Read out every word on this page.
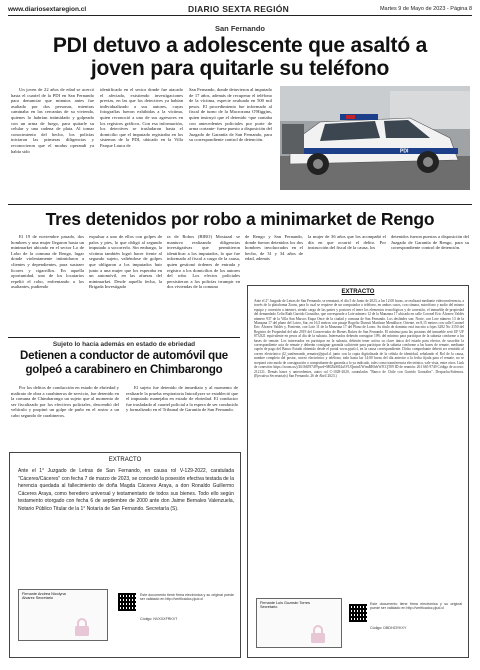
www.diariosextaregion.cl	DIARIO SEXTA REGIÓN	Martes 9 de Mayo de 2023 - Página 8
San Fernando
PDI detuvo a adolescente que asaltó a
joven para quitarle su teléfono

Un joven de 22 años de edad se acercó hasta el cuartel de la PDI en San Fernando para denunciar que minutos antes fue asaltado por dos personas, mientras caminaba en las cercanías de su vivienda, quienes lo habrían intimidado y golpeado con un arma de fuego, para quitarle su celular y una cadena de plata. Al tomar conocimiento del hecho, los policías iniciaron las primeras diligencias y reconocieron que el modus operandi ya había sido

identificado en el sector donde fue atacado el afectado, existiendo investigaciones previas, en las que los detectives ya habían individualizado a sus autores, cuyas fotografías fueron exhibidas a la víctima, quien reconoció a uno de sus agresores en los registros gráficos. Con esa información, los detectives se trasladaron hasta el domicilio que el imputado registraba en los sistemas de la PDI, ubicado en la Villa Parque Lauca de

San Fernando, donde detuvieron al imputado de 17 años, además de recuperar el teléfono de la víctima, especie avaluada en 500 mil pesos. El procedimiento fue informado al fiscal de turno de la Macrozona O'Higgins, quien instruyó que el detenido -que contaba con antecedentes policiales por porte de arma cortante- fuese puesto a disposición del Juzgado de Garantía de San Fernando, para su correspondiente control de detención.

PDI
Tres detenidos por robo a minimarket de Rengo

El 19 de noviembre pasado, dos hombres y una mujer llegaron hasta un minimarket ubicado en el sector Lo de Lobo de la comuna de Rengo, lugar donde violentamente intimidaron a clientes y dependientes, para sustraer licores y cigarrillos. En aquella oportunidad, uno de los locatarios repelió el robo, enfrentando a los asaltantes, pudiendo

expulsar a uno de ellos con golpes de palos y pies, lo que obligó al segundo imputado a socorrerlo. Sin embargo, la víctima también logró hacer frente al segundo sujeto, valiéndose de golpes que obligaron a los imputados huir junto a una mujer que los esperaba en un automóvil, en las afueras del minimarket. Desde aquella fecha, la Brigada Investigado

ra de Robos (BIRO) Mostazal se mantuvo realizando diligencias investigativas que permitieron identificar a los imputados, lo que fue informado al fiscal a cargo de la causa, quien gestionó órdenes de entrada y registro a los domicilios de los autores del robo. Los efectos policiales persistieron a los policías irrumpir en dos viviendas de la comuna

de Rengo y San Fernando, donde fueron detenidos los dos hombres involucrados en el hecho, de 31 y 34 años de edad, además

la mujer de 36 años que los acompañó el día en que ocurrió el delito. Por instrucción del fiscal de la causa, los

detenidos fueron puestos a disposición del Juzgado de Garantía de Rengo, para su correspondiente control de detención.

EXTRACTO
Ante el 2° Juzgado de Letras de San Fernando, se rematará, el día 5 de Junio de 2023, a las 12:00 horas, se realizará mediante videoconferencia, a través de la plataforma Zoom, para lo cual se requiere de un computador o teléfono, en ambos casos, con cámara, micrófono y audio del mismo equipo y conexión a internet, siendo carga de las partes y postores el tener los elementos tecnológicos y de conexión, el inmueble de propiedad del demandado Celia Ruth Garrido González, que corresponde a Lote número 12 de la Manzana 17 ubicado en calle Coronel Eric Álvarez Valdés número 937 de la Villa San Marcos Etapa Once de la ciudad y comuna de San Fernando. Los deslindes son: Norte, con Lote número 13 de la Manzana 17 del plano del Loteo, Sur, en 16,5 metros con pasaje Rogelio Durruti Martínez Mendiluce; Oriente, en 8,15 metros con calle Coronel Eric Álvarez Valdés y, Poniente, con Lote 11 de la Manzana 17 del Plano de Loteo. Su título de dominio está inscrito a fojas 3282 No 3150 del Registro de Propiedad del año 2019 del Conservador de Bienes Raíces de San Fernando. El mínimo para las posturas del inmueble será UF UF 873,821 equivalente en pesos al día de la subasta. Interesados deberán consignar 10% del mínimo para participar de la subasta conforme a las bases de remate. Los interesados en participar en la subasta, deberán tener activa su clave única del estado para efectos de suscribir la correspondiente acta de remate y deberán consignar garantía suficiente para participar de la subasta conforme a las bases de remate, mediante cupón de pago del Banco Estado obtenido desde el portal www.pjud.cl, en la causa correspondiente. Dicho comprobante deberá ser remitido al correo electrónico jl2_sanfernando_remates@pjud.cl junto con la copia digitalizada de la cédula de identidad, señalando el Rol de la causa, nombre completo del postor, correo electrónico y teléfono, todo hasta las 14:00 horas del día anterior a la fecha fijada para el remate, no se aceptará otro modo de consignación o comprobante de garantía a lo ya indicado, tales como transferencia electrónica, vale vista, entre otros. Link de conexión: https://zoom.us/j/2616659749?pwd=M0ZkS0I4a3VUQmtnUWtmRHlvbWJCQT09 ID de reunión: 261 665 9749 Código de acceso: 212121. Demás bases y antecedentes, autos rol C-1028-2020, caratulados "Banco de Chile con Garrido González". Despacho/Solemos. (Ejecutiva Secretaria(s) San Fernando, 26 de Abril 2023.)
Firmante Luis Guzmán Torres Secretario
Este documento tiene firma electrónica y su original puede ser validado en http://verificadoc.pjud.cl
Código: DBDHZIYKXY
Sujeto lo hacía además en estado de ebriedad
Detienen a conductor de automóvil que
golpeó a carabinero en Chimbarongo

Por los delitos de conducción en estado de ebriedad y maltrato de obra a carabineros de servicio, fue detenido en la comuna de Chimbarongo un sujeto que al momento de ser fiscalizado por los efectivos policiales, descendió del vehículo y propinó un golpe de puño en el rostro a un cabo segundo de carabineros.

El sujeto fue detenido de inmediato y al momento de realizarle la prueba respiratoria Intoxilyzer se estableció que el imputado manejaba en estado de ebriedad. El conductor fue trasladado al cuartel policial a la espera de ser conducido y formalizado en el Tribunal de Garantía de San Fernando.

EXTRACTO
Ante el 1° Juzgado de Letras de San Fernando, en causa rol V-129-2022, caratulada "Cáceres/Cáceres" con fecha 7 de marzo de 2023, se concedió la posesión efectiva testada de la herencia quedada al fallecimiento de doña Magda Cáceres Araya, a don Ronaldo Guillermo Cáceres Araya, como heredero universal y testamentario de todos sus bienes. Todo ello según testamento otorgado con fecha 6 de septiembre de 2000 ante don Jaime Bernales Valenzuela, Notario Público Titular de la 1° Notaría de San Fernando. Secretaría (S).
Firmante Andrea Nicolyna Alvarez Secretario
Este documento tiene firma electrónica y su original puede ser validado en http://verificadoc.pjud.cl
Código: NVXXXFRKVT
